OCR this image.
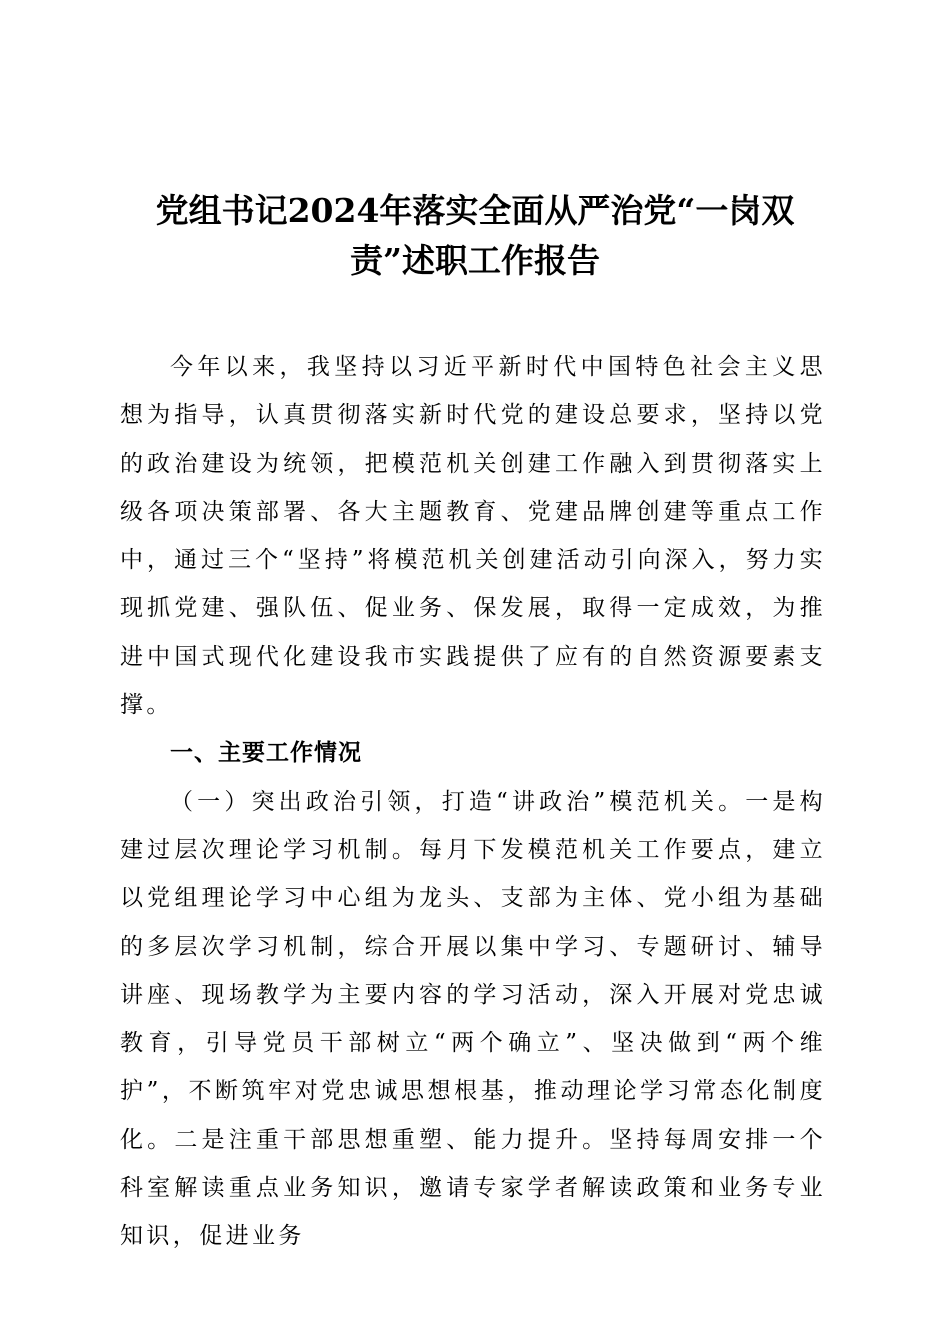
党组书记2024年落实全面从严治党“一岗双
责”述职工作报告

今年以来，我坚持以习近平新时代中国特色社会主义思想为指导，认真贯彻落实新时代党的建设总要求，坚持以党的政治建设为统领，把模范机关创建工作融入到贯彻落实上级各项决策部署、各大主题教育、党建品牌创建等重点工作中，通过三个“坚持”将模范机关创建活动引向深入，努力实现抓党建、强队伍、促业务、保发展，取得一定成效，为推进中国式现代化建设我市实践提供了应有的自然资源要素支撑。

一、主要工作情况

（一）突出政治引领，打造“讲政治”模范机关。一是构建过层次理论学习机制。每月下发模范机关工作要点，建立以党组理论学习中心组为龙头、支部为主体、党小组为基础的多层次学习机制，综合开展以集中学习、专题研讨、辅导讲座、现场教学为主要内容的学习活动，深入开展对党忠诚教育，引导党员干部树立“两个确立”、坚决做到“两个维护”，不断筑牢对党忠诚思想根基，推动理论学习常态化制度化。二是注重干部思想重塑、能力提升。坚持每周安排一个科室解读重点业务知识，邀请专家学者解读政策和业务专业知识，促进业务
